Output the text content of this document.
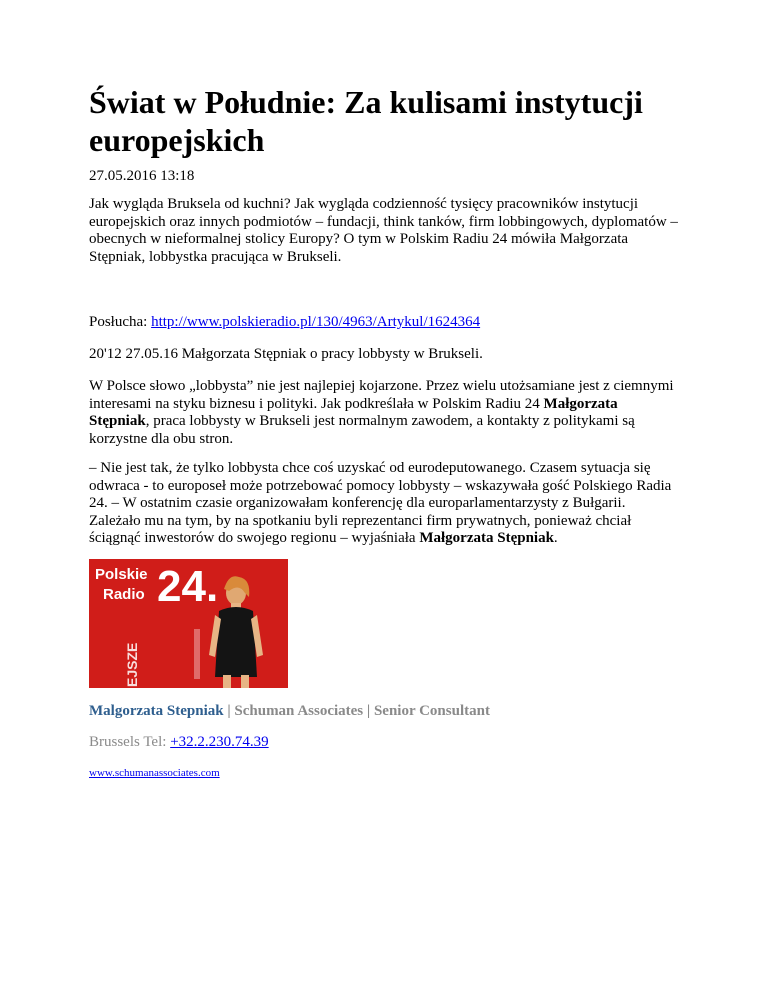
Świat w Południe: Za kulisami instytucji europejskich
27.05.2016 13:18

Jak wygląda Bruksela od kuchni? Jak wygląda codzienność tysięcy pracowników instytucji europejskich oraz innych podmiotów – fundacji, think tanków, firm lobbingowych, dyplomatów – obecnych w nieformalnej stolicy Europy? O tym w Polskim Radiu 24 mówiła Małgorzata Stępniak, lobbystka pracująca w Brukseli.

Posłucha: http://www.polskieradio.pl/130/4963/Artykul/1624364

20'12 27.05.16 Małgorzata Stępniak o pracy lobbysty w Brukseli.

W Polsce słowo „lobbysta” nie jest najlepiej kojarzone. Przez wielu utożsamiane jest z ciemnymi interesami na styku biznesu i polityki. Jak podkreślała w Polskim Radiu 24 Małgorzata Stępniak, praca lobbysty w Brukseli jest normalnym zawodem, a kontakty z politykami są korzystne dla obu stron.

– Nie jest tak, że tylko lobbysta chce coś uzyskać od eurodeputowanego. Czasem sytuacja się odwraca - to europoseł może potrzebować pomocy lobbysty – wskazywała gość Polskiego Radia 24. – W ostatnim czasie organizowałam konferencję dla europarlamentarzysty z Bułgarii. Zależało mu na tym, by na spotkaniu byli reprezentanci firm prywatnych, ponieważ chciał ściągnąć inwestorów do swojego regionu – wyjaśniała Małgorzata Stępniak.

Polskie
Radio 24.
EJSZE
Malgorzata Stepniak | Schuman Associates | Senior Consultant
Brussels Tel: +32.2.230.74.39
www.schumanassociates.com
